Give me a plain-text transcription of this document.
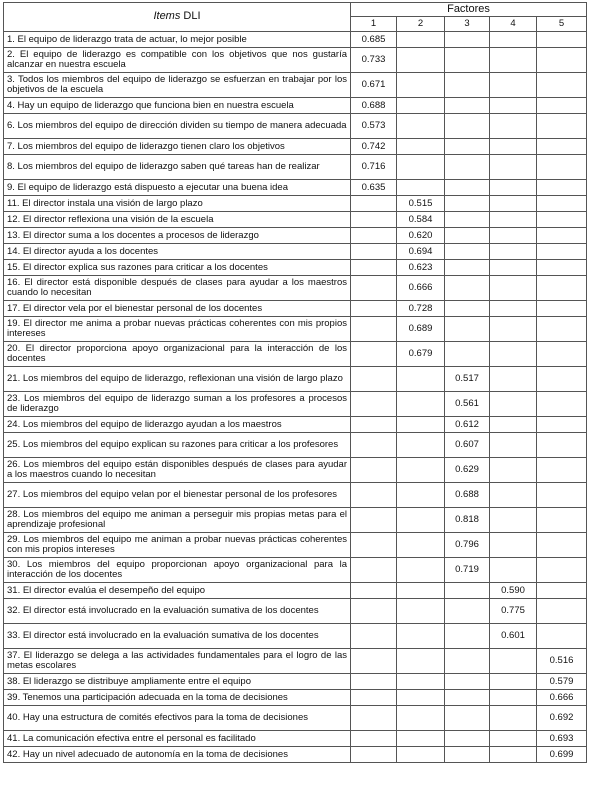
Items DLI	Factores				
	1	2	3	4	5
1. El equipo de liderazgo trata de actuar, lo mejor posible	0.685				
2. El equipo de liderazgo es compatible con los objetivos que nos gustaría alcanzar en nuestra escuela	0.733				
3. Todos los miembros del equipo de liderazgo se esfuerzan en trabajar por los objetivos de la escuela	0.671				
4. Hay un equipo de liderazgo que funciona bien en nuestra escuela	0.688				
6. Los miembros del equipo de dirección dividen su tiempo de manera adecuada	0.573				
7. Los miembros del equipo de liderazgo tienen claro los objetivos	0.742				
8. Los miembros del equipo de liderazgo saben qué tareas han de realizar	0.716				
9. El equipo de liderazgo está dispuesto a ejecutar una buena idea	0.635				
11. El director instala una visión de largo plazo		0.515			
12. El director reflexiona una visión de la escuela		0.584			
13. El director suma a los docentes a procesos de liderazgo		0.620			
14. El director ayuda a los docentes		0.694			
15. El director explica sus razones para criticar a los docentes		0.623			
16. El director está disponible después de clases para ayudar a los maestros cuando lo necesitan		0.666			
17. El director vela por el bienestar personal de los docentes		0.728			
19. El director me anima a probar nuevas prácticas coherentes con mis propios intereses		0.689			
20. El director proporciona apoyo organizacional para la interacción de los docentes		0.679			
21. Los miembros del equipo de liderazgo, reflexionan una visión de largo plazo			0.517		
23. Los miembros del equipo de liderazgo suman a los profesores a procesos de liderazgo			0.561		
24. Los miembros del equipo de liderazgo ayudan a los maestros			0.612		
25. Los miembros del equipo explican su razones para criticar a los profesores			0.607		
26. Los miembros del equipo están disponibles después de clases para ayudar a los maestros cuando lo necesitan			0.629		
27. Los miembros del equipo velan por el bienestar personal de los profesores			0.688		
28. Los miembros del equipo me animan a perseguir mis propias metas para el aprendizaje profesional			0.818		
29. Los miembros del equipo me animan a probar nuevas prácticas coherentes con mis propios intereses			0.796		
30. Los miembros del equipo proporcionan apoyo organizacional para la interacción de los docentes			0.719		
31. El director evalúa el desempeño del equipo				0.590	
32. El director está involucrado en la evaluación sumativa de los docentes				0.775	
33. El director está involucrado en la evaluación sumativa de los docentes				0.601	
37. El liderazgo se delega a las actividades fundamentales para el logro de las metas escolares					0.516
38. El liderazgo se distribuye ampliamente entre el equipo					0.579
39. Tenemos una participación adecuada en la toma de decisiones					0.666
40. Hay una estructura de comités efectivos para la toma de decisiones					0.692
41. La comunicación efectiva entre el personal es facilitado					0.693
42. Hay un nivel adecuado de autonomía en la toma de decisiones					0.699
